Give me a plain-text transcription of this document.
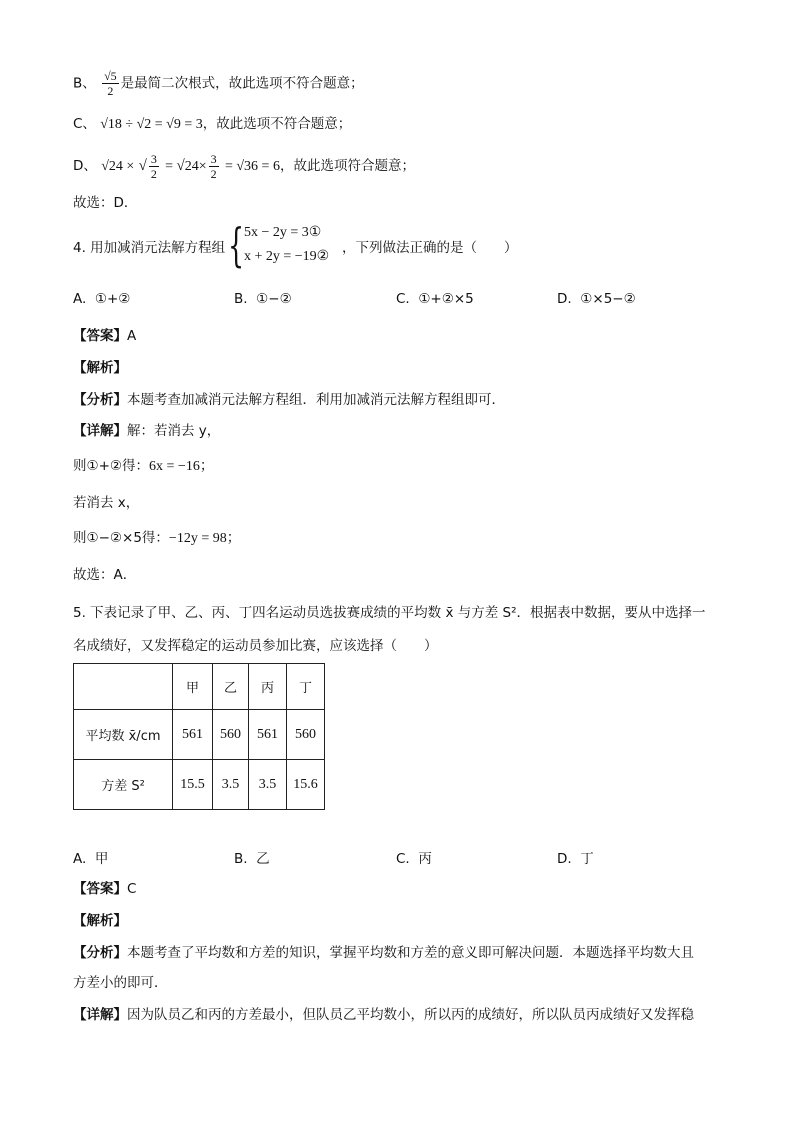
B、 $\frac{√5}{2}$ 是最简二次根式，故此选项不符合题意；
C、 √18 ÷ √2 = √9 = 3，故此选项不符合题意；
D、 √24 × √ $\frac{3}{2} = √24\times \frac{3}{2} = √36 = 6$，故此选项符合题意；
故选：D．
4. 用加减消元法解方程组 { 5x − 2y = 3①
x + 2y = −19②
，下列做法正确的是（　　）
A. ①+②	B. ①−②	C. ①+②×5	D. ①×5−②
【答案】A
【解析】
【分析】本题考查加减消元法解方程组．利用加减消元法解方程组即可．
【详解】解：若消去 y，
则①+②得：6x = −16；
若消去 x，
则①−②×5得：−12y = 98；
故选：A．
5. 下表记录了甲、乙、丙、丁四名运动员选拔赛成绩的平均数 x̄ 与方差 S²．根据表中数据，要从中选择一
名成绩好，又发挥稳定的运动员参加比赛，应该选择（　　）
	甲	乙	丙	丁
平均数 x̄/cm	561	560	561	560
方差 S²	15.5	3.5	3.5	15.6
A. 甲	B. 乙	C. 丙	D. 丁
【答案】C
【解析】
【分析】本题考查了平均数和方差的知识，掌握平均数和方差的意义即可解决问题．本题选择平均数大且
方差小的即可．
【详解】因为队员乙和丙的方差最小，但队员乙平均数小，所以丙的成绩好，所以队员丙成绩好又发挥稳
